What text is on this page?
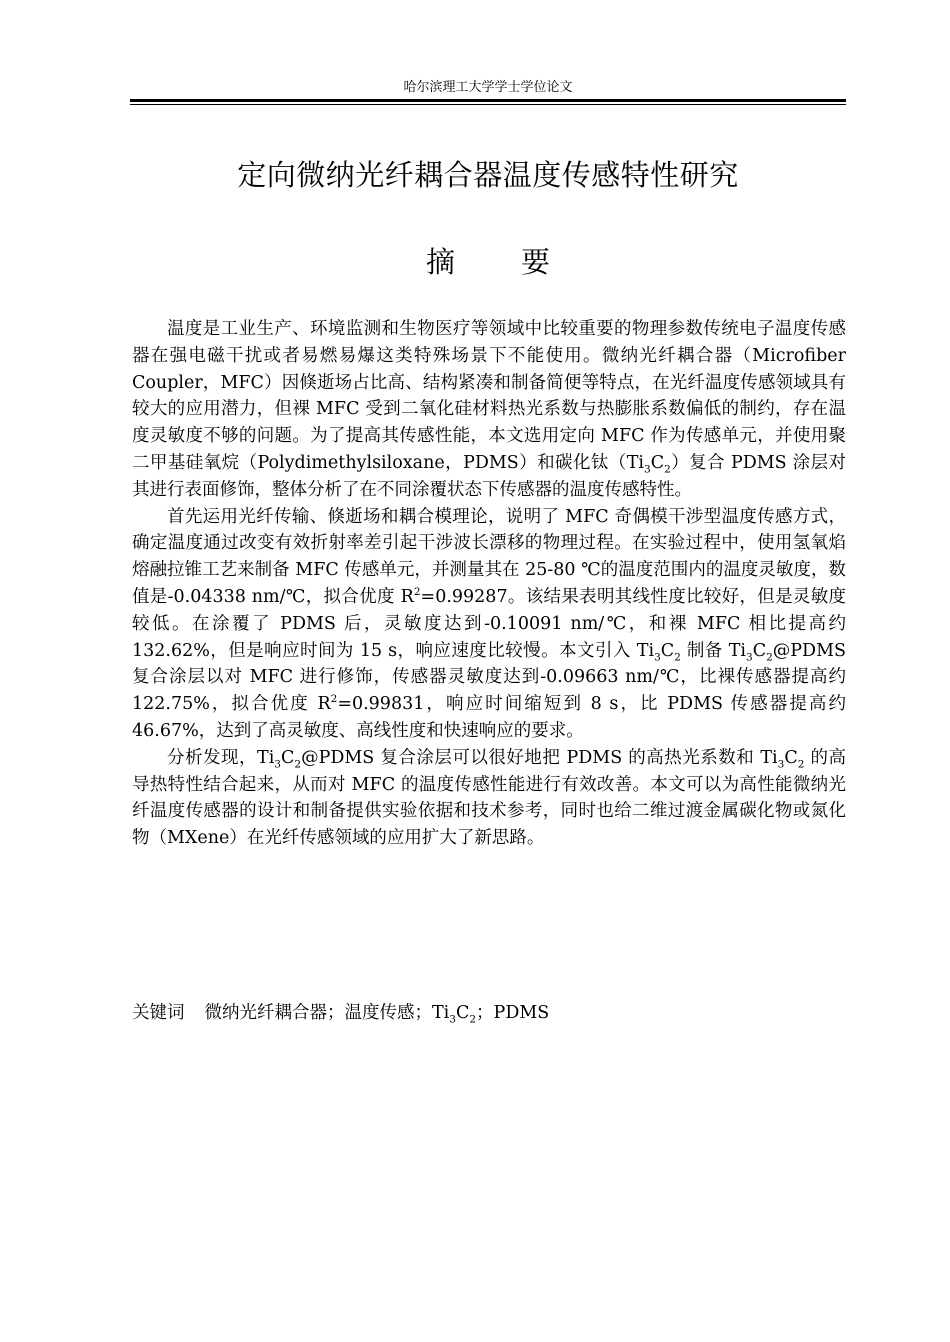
哈尔滨理工大学学士学位论文
定向微纳光纤耦合器温度传感特性研究
摘 要

温度是工业生产、环境监测和生物医疗等领域中比较重要的物理参数传统电子温度传感器在强电磁干扰或者易燃易爆这类特殊场景下不能使用。微纳光纤耦合器（Microfiber Coupler，MFC）因倏逝场占比高、结构紧凑和制备简便等特点，在光纤温度传感领域具有较大的应用潜力，但裸 MFC 受到二氧化硅材料热光系数与热膨胀系数偏低的制约，存在温度灵敏度不够的问题。为了提高其传感性能，本文选用定向 MFC 作为传感单元，并使用聚二甲基硅氧烷（Polydimethylsiloxane，PDMS）和碳化钛$(Ti_3C_2)$复合 PDMS 涂层对其进行表面修饰，整体分析了在不同涂覆状态下传感器的温度传感特性。

首先运用光纤传输、倏逝场和耦合模理论，说明了 MFC 奇偶模干涉型温度传感方式，确定温度通过改变有效折射率差引起干涉波长漂移的物理过程。在实验过程中，使用氢氧焰熔融拉锥工艺来制备 MFC 传感单元，并测量其在 25-80 ℃的温度范围内的温度灵敏度，数值是-0.04338 nm/℃，拟合优度 $R^2=0.99287$。该结果表明其线性度比较好，但是灵敏度较低。在涂覆了 PDMS 后，灵敏度达到-0.10091 nm/℃，和裸 MFC 相比提高约 132.62%，但是响应时间为 15 s，响应速度比较慢。本文引入 $Ti_3C_2$ 制备 $Ti_3C_2@PDMS$ 复合涂层以对 MFC 进行修饰，传感器灵敏度达到-0.09663 nm/℃，比裸传感器提高约 122.75%，拟合优度 $R^2=0.99831$，响应时间缩短到 8 s，比 PDMS 传感器提高约 46.67%，达到了高灵敏度、高线性度和快速响应的要求。

分析发现，$Ti_3C_2@PDMS$ 复合涂层可以很好地把 PDMS 的高热光系数和 $Ti_3C_2$ 的高导热特性结合起来，从而对 MFC 的温度传感性能进行有效改善。本文可以为高性能微纳光纤温度传感器的设计和制备提供实验依据和技术参考，同时也给二维过渡金属碳化物或氮化物（MXene）在光纤传感领域的应用扩大了新思路。

关键词 微纳光纤耦合器；温度传感；$Ti_3C_2$；PDMS
